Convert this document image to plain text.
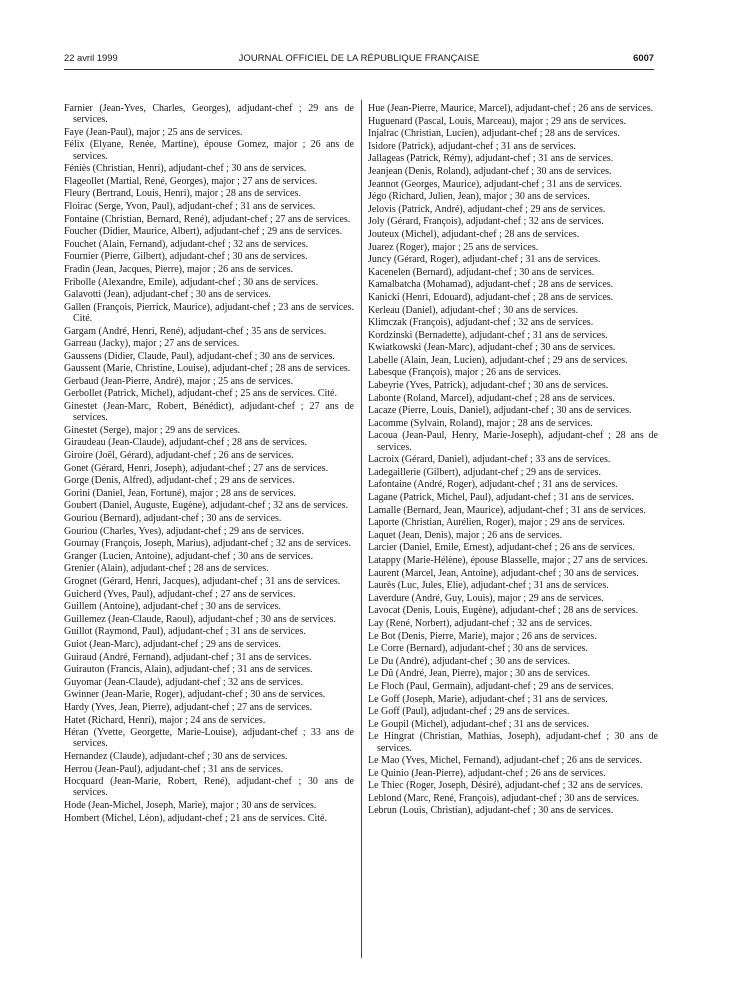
22 avril 1999	JOURNAL OFFICIEL DE LA RÉPUBLIQUE FRANÇAISE	6007

Farnier (Jean-Yves, Charles, Georges), adjudant-chef ; 29 ans de services.

Faye (Jean-Paul), major ; 25 ans de services.

Félix (Elyane, Renée, Martine), épouse Gomez, major ; 26 ans de services.

Féniès (Christian, Henri), adjudant-chef ; 30 ans de services.

Flageollet (Martial, René, Georges), major ; 27 ans de services.

Fleury (Bertrand, Louis, Henri), major ; 28 ans de services.

Floirac (Serge, Yvon, Paul), adjudant-chef ; 31 ans de services.

Fontaine (Christian, Bernard, René), adjudant-chef ; 27 ans de services.

Foucher (Didier, Maurice, Albert), adjudant-chef ; 29 ans de services.

Fouchet (Alain, Fernand), adjudant-chef ; 32 ans de services.

Fournier (Pierre, Gilbert), adjudant-chef ; 30 ans de services.

Fradin (Jean, Jacques, Pierre), major ; 26 ans de services.

Fribolle (Alexandre, Emile), adjudant-chef ; 30 ans de services.

Galavotti (Jean), adjudant-chef ; 30 ans de services.

Gallen (François, Pierrick, Maurice), adjudant-chef ; 23 ans de services. Cité.

Gargam (André, Henri, René), adjudant-chef ; 35 ans de services.

Garreau (Jacky), major ; 27 ans de services.

Gaussens (Didier, Claude, Paul), adjudant-chef ; 30 ans de services.

Gaussent (Marie, Christine, Louise), adjudant-chef ; 28 ans de services.

Gerbaud (Jean-Pierre, André), major ; 25 ans de services.

Gerbollet (Patrick, Michel), adjudant-chef ; 25 ans de services. Cité.

Ginestet (Jean-Marc, Robert, Bénédict), adjudant-chef ; 27 ans de services.

Ginestet (Serge), major ; 29 ans de services.

Giraudeau (Jean-Claude), adjudant-chef ; 28 ans de services.

Giroire (Joël, Gérard), adjudant-chef ; 26 ans de services.

Gonet (Gérard, Henri, Joseph), adjudant-chef ; 27 ans de services.

Gorge (Denis, Alfred), adjudant-chef ; 29 ans de services.

Gorini (Daniel, Jean, Fortuné), major ; 28 ans de services.

Goubert (Daniel, Auguste, Eugène), adjudant-chef ; 32 ans de services.

Gouriou (Bernard), adjudant-chef ; 30 ans de services.

Gouriou (Charles, Yves), adjudant-chef ; 29 ans de services.

Gournay (François, Joseph, Marius), adjudant-chef ; 32 ans de services.

Granger (Lucien, Antoine), adjudant-chef ; 30 ans de services.

Grenier (Alain), adjudant-chef ; 28 ans de services.

Grognet (Gérard, Henri, Jacques), adjudant-chef ; 31 ans de services.

Guicherd (Yves, Paul), adjudant-chef ; 27 ans de services.

Guillem (Antoine), adjudant-chef ; 30 ans de services.

Guillemez (Jean-Claude, Raoul), adjudant-chef ; 30 ans de services.

Guillot (Raymond, Paul), adjudant-chef ; 31 ans de services.

Guiot (Jean-Marc), adjudant-chef ; 29 ans de services.

Guiraud (André, Fernand), adjudant-chef ; 31 ans de services.

Guirauton (Francis, Alain), adjudant-chef ; 31 ans de services.

Guyomar (Jean-Claude), adjudant-chef ; 32 ans de services.

Gwinner (Jean-Marie, Roger), adjudant-chef ; 30 ans de services.

Hardy (Yves, Jean, Pierre), adjudant-chef ; 27 ans de services.

Hatet (Richard, Henri), major ; 24 ans de services.

Héran (Yvette, Georgette, Marie-Louise), adjudant-chef ; 33 ans de services.

Hernandez (Claude), adjudant-chef ; 30 ans de services.

Herrou (Jean-Paul), adjudant-chef ; 31 ans de services.

Hocquard (Jean-Marie, Robert, René), adjudant-chef ; 30 ans de services.

Hode (Jean-Michel, Joseph, Marie), major ; 30 ans de services.

Hombert (Michel, Léon), adjudant-chef ; 21 ans de services. Cité.

Hue (Jean-Pierre, Maurice, Marcel), adjudant-chef ; 26 ans de services.

Huguenard (Pascal, Louis, Marceau), major ; 29 ans de services.

Injalrac (Christian, Lucien), adjudant-chef ; 28 ans de services.

Isidore (Patrick), adjudant-chef ; 31 ans de services.

Jallageas (Patrick, Rémy), adjudant-chef ; 31 ans de services.

Jeanjean (Denis, Roland), adjudant-chef ; 30 ans de services.

Jeannot (Georges, Maurice), adjudant-chef ; 31 ans de services.

Jégo (Richard, Julien, Jean), major ; 30 ans de services.

Jelovis (Patrick, André), adjudant-chef ; 29 ans de services.

Joly (Gérard, François), adjudant-chef ; 32 ans de services.

Jouteux (Michel), adjudant-chef ; 28 ans de services.

Juarez (Roger), major ; 25 ans de services.

Juncy (Gérard, Roger), adjudant-chef ; 31 ans de services.

Kacenelen (Bernard), adjudant-chef ; 30 ans de services.

Kamalbatcha (Mohamad), adjudant-chef ; 28 ans de services.

Kanicki (Henri, Edouard), adjudant-chef ; 28 ans de services.

Kerleau (Daniel), adjudant-chef ; 30 ans de services.

Klimczak (François), adjudant-chef ; 32 ans de services.

Kordzinski (Bernadette), adjudant-chef ; 31 ans de services.

Kwiatkowski (Jean-Marc), adjudant-chef ; 30 ans de services.

Labelle (Alain, Jean, Lucien), adjudant-chef ; 29 ans de services.

Labesque (François), major ; 26 ans de services.

Labeyrie (Yves, Patrick), adjudant-chef ; 30 ans de services.

Labonte (Roland, Marcel), adjudant-chef ; 28 ans de services.

Lacaze (Pierre, Louis, Daniel), adjudant-chef ; 30 ans de services.

Lacomme (Sylvain, Roland), major ; 28 ans de services.

Lacoua (Jean-Paul, Henry, Marie-Joseph), adjudant-chef ; 28 ans de services.

Lacroix (Gérard, Daniel), adjudant-chef ; 33 ans de services.

Ladegaillerie (Gilbert), adjudant-chef ; 29 ans de services.

Lafontaine (André, Roger), adjudant-chef ; 31 ans de services.

Lagane (Patrick, Michel, Paul), adjudant-chef ; 31 ans de services.

Lamalle (Bernard, Jean, Maurice), adjudant-chef ; 31 ans de services.

Laporte (Christian, Aurélien, Roger), major ; 29 ans de services.

Laquet (Jean, Denis), major ; 26 ans de services.

Larcier (Daniel, Emile, Ernest), adjudant-chef ; 26 ans de services.

Latappy (Marie-Hélène), épouse Blasselle, major ; 27 ans de services.

Laurent (Marcel, Jean, Antoine), adjudant-chef ; 30 ans de services.

Laurès (Luc, Jules, Elie), adjudant-chef ; 31 ans de services.

Laverdure (André, Guy, Louis), major ; 29 ans de services.

Lavocat (Denis, Louis, Eugène), adjudant-chef ; 28 ans de services.

Lay (René, Norbert), adjudant-chef ; 32 ans de services.

Le Bot (Denis, Pierre, Marie), major ; 26 ans de services.

Le Corre (Bernard), adjudant-chef ; 30 ans de services.

Le Du (André), adjudant-chef ; 30 ans de services.

Le Dû (André, Jean, Pierre), major ; 30 ans de services.

Le Floch (Paul, Germain), adjudant-chef ; 29 ans de services.

Le Goff (Joseph, Marie), adjudant-chef ; 31 ans de services.

Le Goff (Paul), adjudant-chef ; 29 ans de services.

Le Goupil (Michel), adjudant-chef ; 31 ans de services.

Le Hingrat (Christian, Mathias, Joseph), adjudant-chef ; 30 ans de services.

Le Mao (Yves, Michel, Fernand), adjudant-chef ; 26 ans de services.

Le Quinio (Jean-Pierre), adjudant-chef ; 26 ans de services.

Le Thiec (Roger, Joseph, Désiré), adjudant-chef ; 32 ans de services.

Leblond (Marc, René, François), adjudant-chef ; 30 ans de services.

Lebrun (Louis, Christian), adjudant-chef ; 30 ans de services.
